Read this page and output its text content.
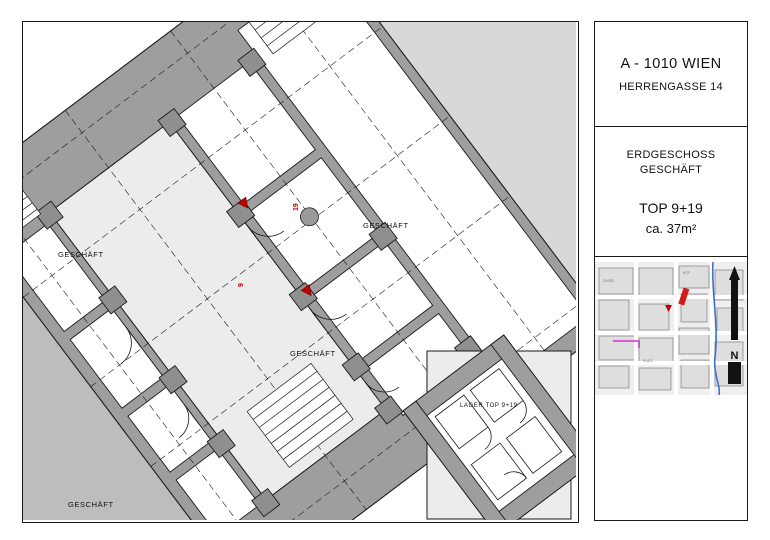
GESCHÄFT
GESCHÄFT
GESCHÄFT
GESCHÄFT
LAGER TOP 9+19
19
9
A - 1010 WIEN
HERRENGASSE 14
ERDGESCHOSS
GESCHÄFT
TOP 9+19
ca. 37m²
HOF
GASSE
PLATZ	N
